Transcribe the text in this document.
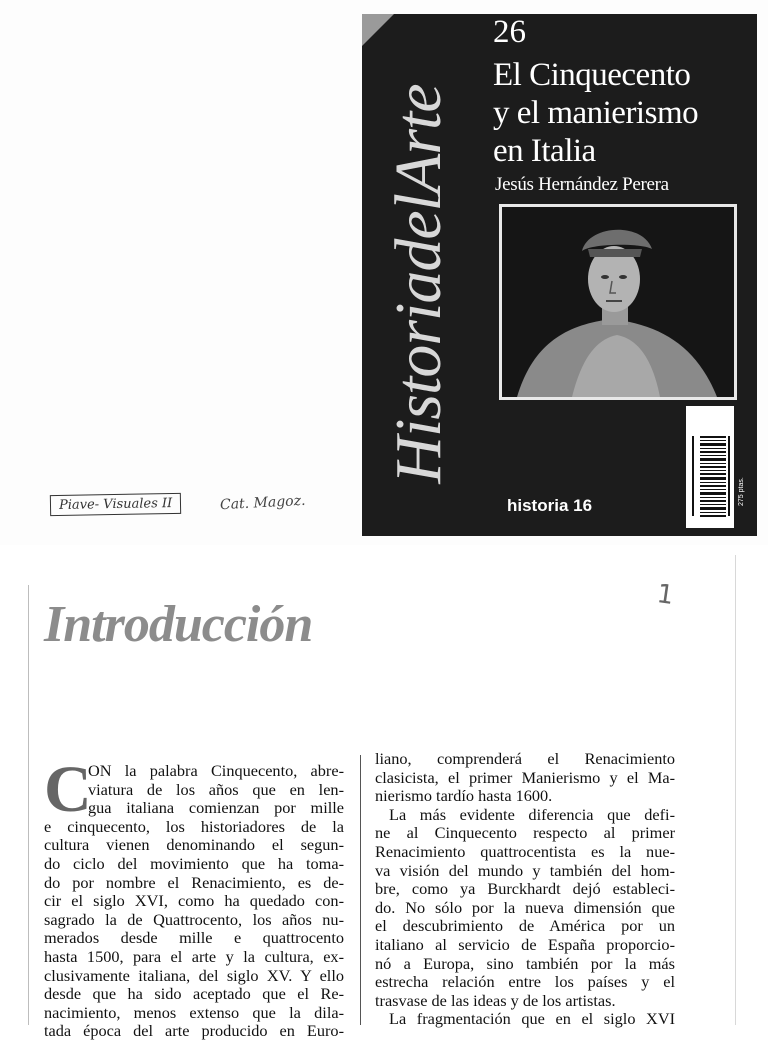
HistoriadelArte
26
El Cinquecento
y el manierismo
en Italia
Jesús Hernández Perera
historia 16	275 ptas.
Piave- Visuales II	Cat. Magoz.
1
Introducción
C
ON la palabra Cinquecento, abre-
viatura de los años que en len-
gua italiana comienzan por mille
e cinquecento, los historiadores de la
cultura vienen denominando el segun-
do ciclo del movimiento que ha toma-
do por nombre el Renacimiento, es de-
cir el siglo XVI, como ha quedado con-
sagrado la de Quattrocento, los años nu-
merados desde mille e quattrocento
hasta 1500, para el arte y la cultura, ex-
clusivamente italiana, del siglo XV. Y ello
desde que ha sido aceptado que el Re-
nacimiento, menos extenso que la dila-
tada época del arte producido en Euro-
liano, comprenderá el Renacimiento
clasicista, el primer Manierismo y el Ma-
nierismo tardío hasta 1600.
La más evidente diferencia que defi-
ne al Cinquecento respecto al primer
Renacimiento quattrocentista es la nue-
va visión del mundo y también del hom-
bre, como ya Burckhardt dejó estableci-
do. No sólo por la nueva dimensión que
el descubrimiento de América por un
italiano al servicio de España proporcio-
nó a Europa, sino también por la más
estrecha relación entre los países y el
trasvase de las ideas y de los artistas.
La fragmentación que en el siglo XVI
